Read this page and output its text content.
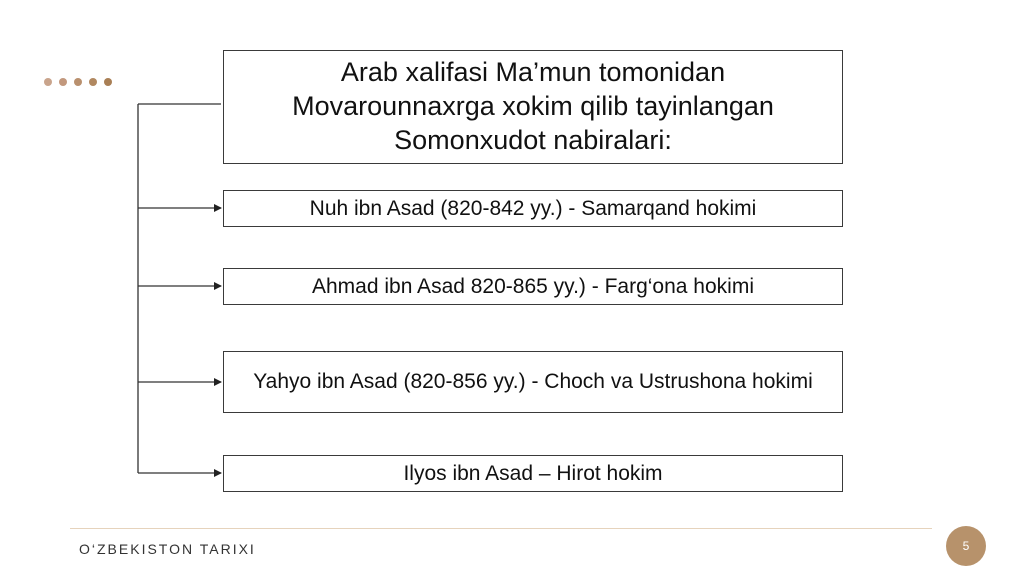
Arab xalifasi Ma’mun tomonidan Movarounnaxrga xokim qilib tayinlangan Somonxudot nabiralari:
Nuh ibn Asad (820-842 yy.) - Samarqand hokimi
Ahmad ibn Asad 820-865 yy.) - Farg‘ona hokimi
Yahyo ibn Asad (820-856 yy.) - Choch va Ustrushona hokimi
Ilyos ibn Asad – Hirot hokim
O‘ZBEKISTON TARIXI	5
